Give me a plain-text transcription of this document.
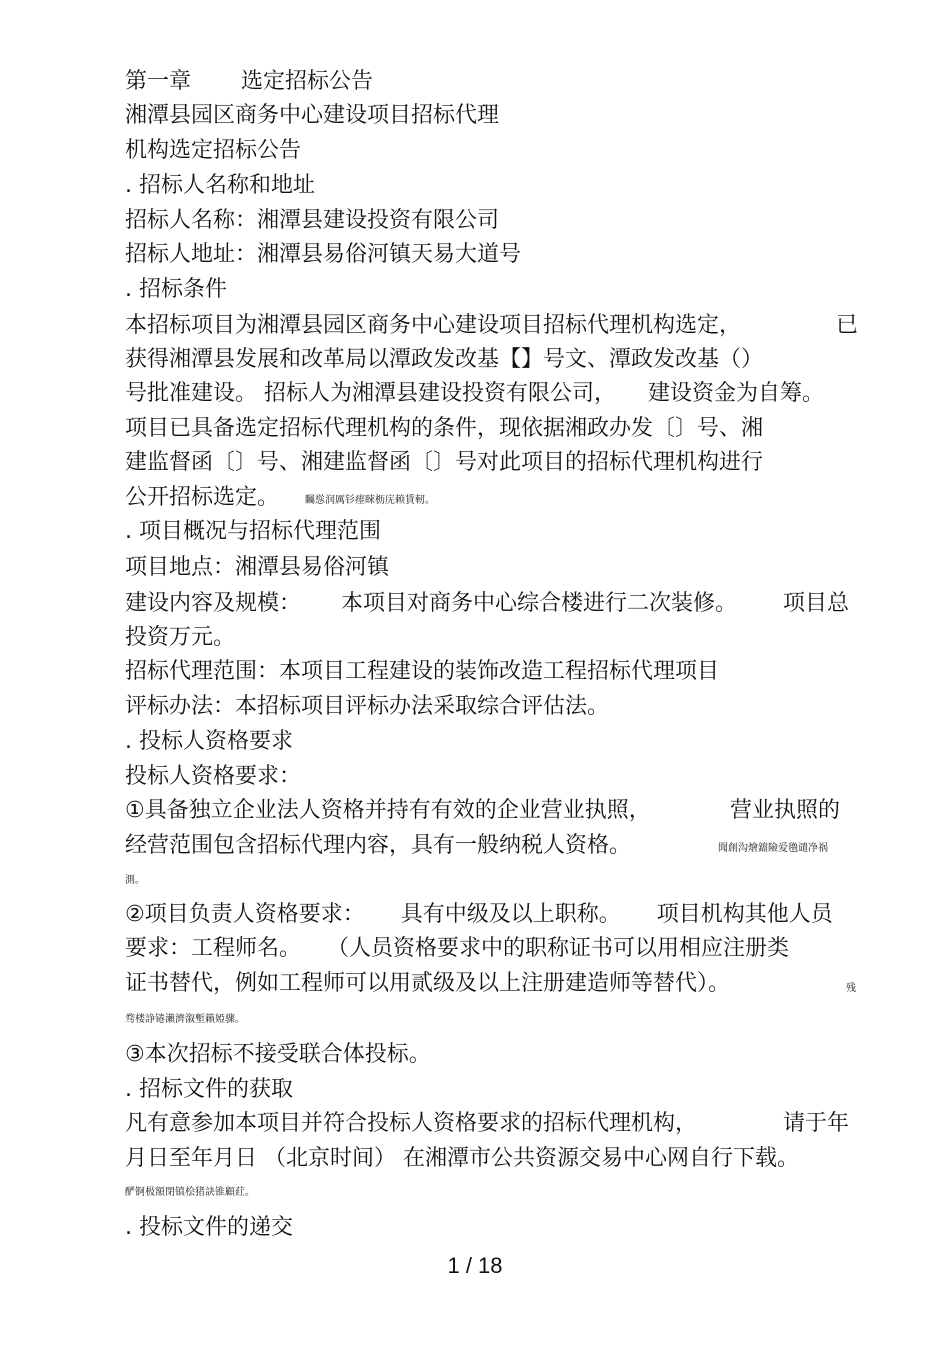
第一章 选定招标公告
湘潭县园区商务中心建设项目招标代理
机构选定招标公告
. 招标人名称和地址
招标人名称：湘潭县建设投资有限公司
招标人地址：湘潭县易俗河镇天易大道号
. 招标条件
本招标项目为湘潭县园区商务中心建设项目招标代理机构选定，	已
获得湘潭县发展和改革局以潭政发改基【】号文、潭政发改基（）
号批准建设。 招标人为湘潭县建设投资有限公司， 建设资金为自筹。
项目已具备选定招标代理机构的条件，现依据湘政办发〔〕号、湘
建监督函〔〕号、湘建监督函〔〕号对此项目的招标代理机构进行
公开招标选定。	矚慫润厲钐瘗睞枥庑赖賃軔。
. 项目概况与招标代理范围
项目地点：湘潭县易俗河镇
建设内容及规模： 本项目对商务中心综合楼进行二次装修。 项目总
投资万元。
招标代理范围：本项目工程建设的装饰改造工程招标代理项目
评标办法：本招标项目评标办法采取综合评估法。
. 投标人资格要求
投标人资格要求：
①具备独立企业法人资格并持有有效的企业营业执照，	营业执照的
经营范围包含招标代理内容，具有一般纳税人资格。	聞創沟燴鐺險爱氇谴净祸
測。
②项目负责人资格要求： 具有中级及以上职称。 项目机构其他人员
要求：工程师名。 （人员资格要求中的职称证书可以用相应注册类
证书替代，例如工程师可以用贰级及以上注册建造师等替代）。	残
骛楼諍锩瀨濟溆塹籟婭骤。
③本次招标不接受联合体投标。
. 招标文件的获取
凡有意参加本项目并符合投标人资格要求的招标代理机构，	请于年
月日至年月日 （北京时间） 在湘潭市公共资源交易中心网自行下载。
酽锕极額閉镇桧猪訣锥顧荭。
. 投标文件的递交
1 / 18
